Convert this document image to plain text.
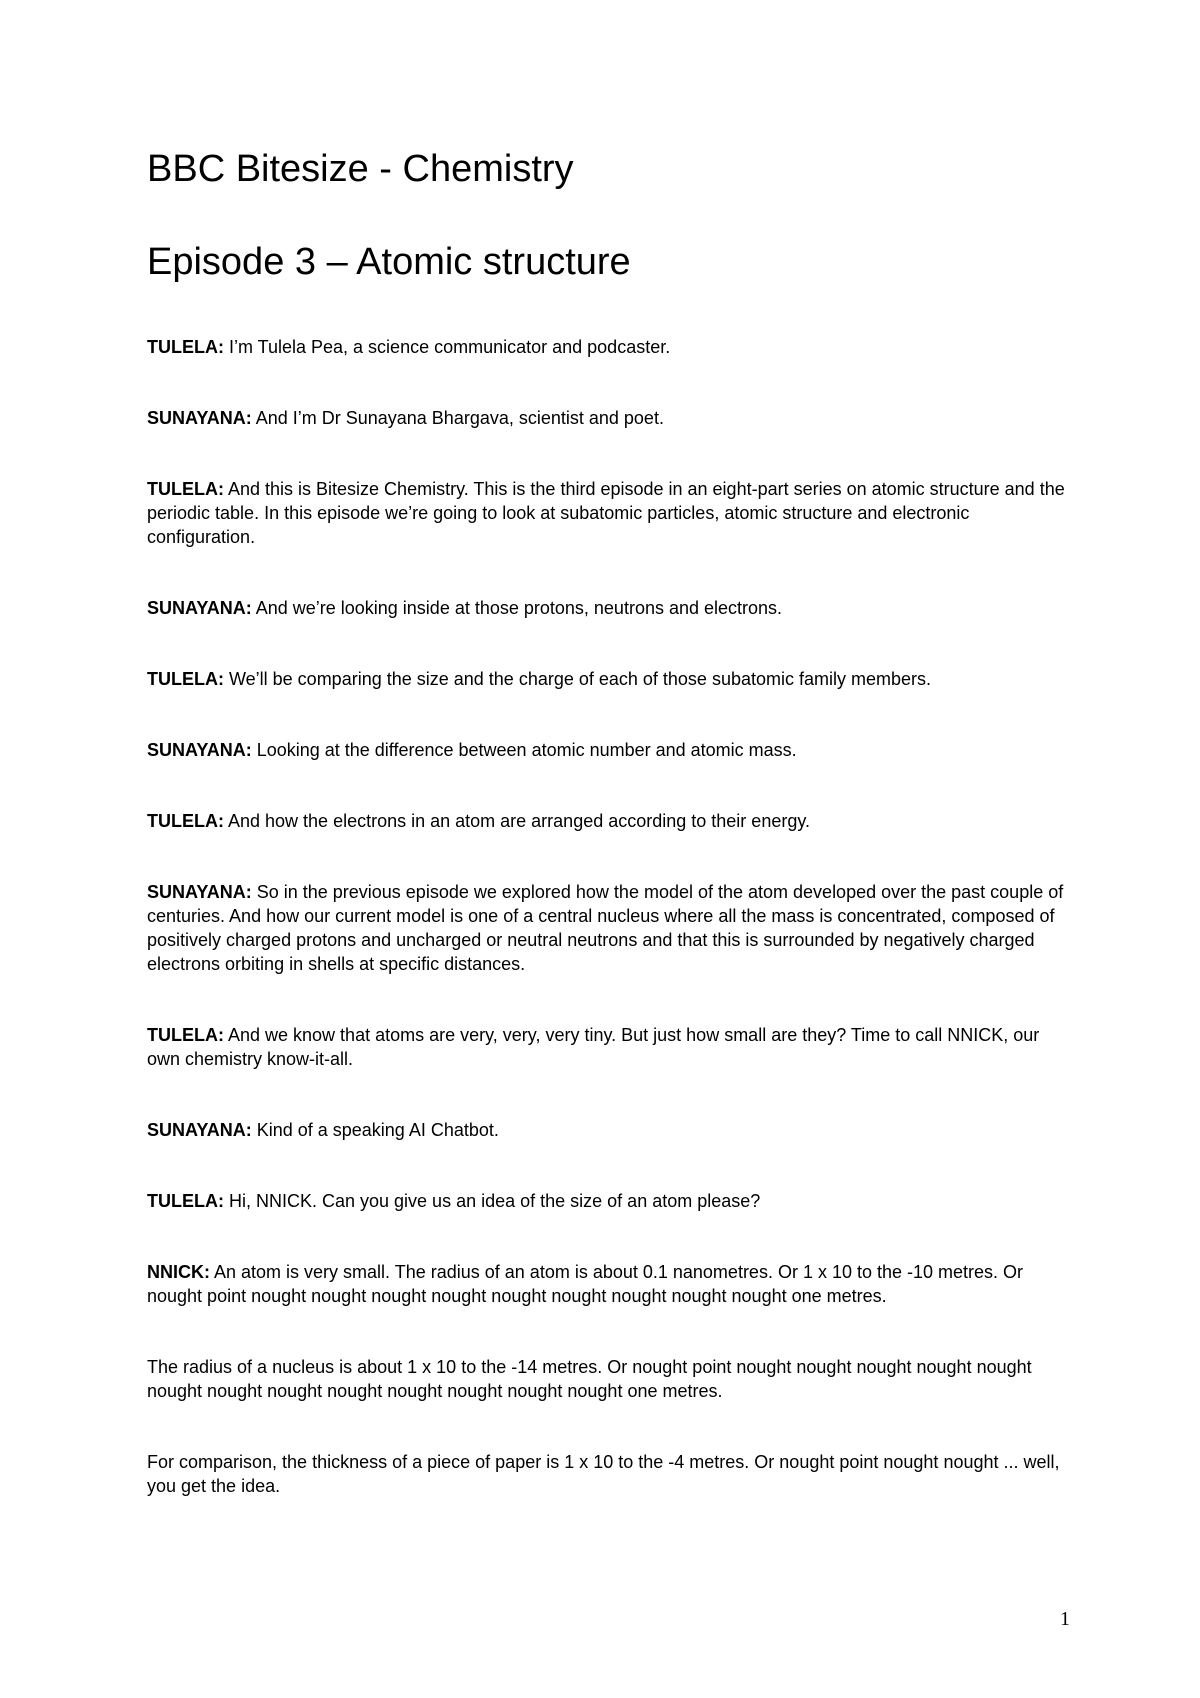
BBC Bitesize - Chemistry
Episode 3 – Atomic structure

TULELA: I’m Tulela Pea, a science communicator and podcaster.

SUNAYANA: And I’m Dr Sunayana Bhargava, scientist and poet.

TULELA: And this is Bitesize Chemistry. This is the third episode in an eight-part series on atomic structure and the periodic table. In this episode we’re going to look at subatomic particles, atomic structure and electronic configuration.

SUNAYANA: And we’re looking inside at those protons, neutrons and electrons.

TULELA: We’ll be comparing the size and the charge of each of those subatomic family members.

SUNAYANA: Looking at the difference between atomic number and atomic mass.

TULELA: And how the electrons in an atom are arranged according to their energy.

SUNAYANA: So in the previous episode we explored how the model of the atom developed over the past couple of centuries. And how our current model is one of a central nucleus where all the mass is concentrated, composed of positively charged protons and uncharged or neutral neutrons and that this is surrounded by negatively charged electrons orbiting in shells at specific distances.

TULELA: And we know that atoms are very, very, very tiny. But just how small are they? Time to call NNICK, our own chemistry know-it-all.

SUNAYANA: Kind of a speaking AI Chatbot.

TULELA: Hi, NNICK. Can you give us an idea of the size of an atom please?

NNICK: An atom is very small. The radius of an atom is about 0.1 nanometres. Or 1 x 10 to the -10 metres. Or nought point nought nought nought nought nought nought nought nought nought one metres.

The radius of a nucleus is about 1 x 10 to the -14 metres. Or nought point nought nought nought nought nought nought nought nought nought nought nought nought nought one metres.

For comparison, the thickness of a piece of paper is 1 x 10 to the -4 metres. Or nought point nought nought ... well, you get the idea.

1
